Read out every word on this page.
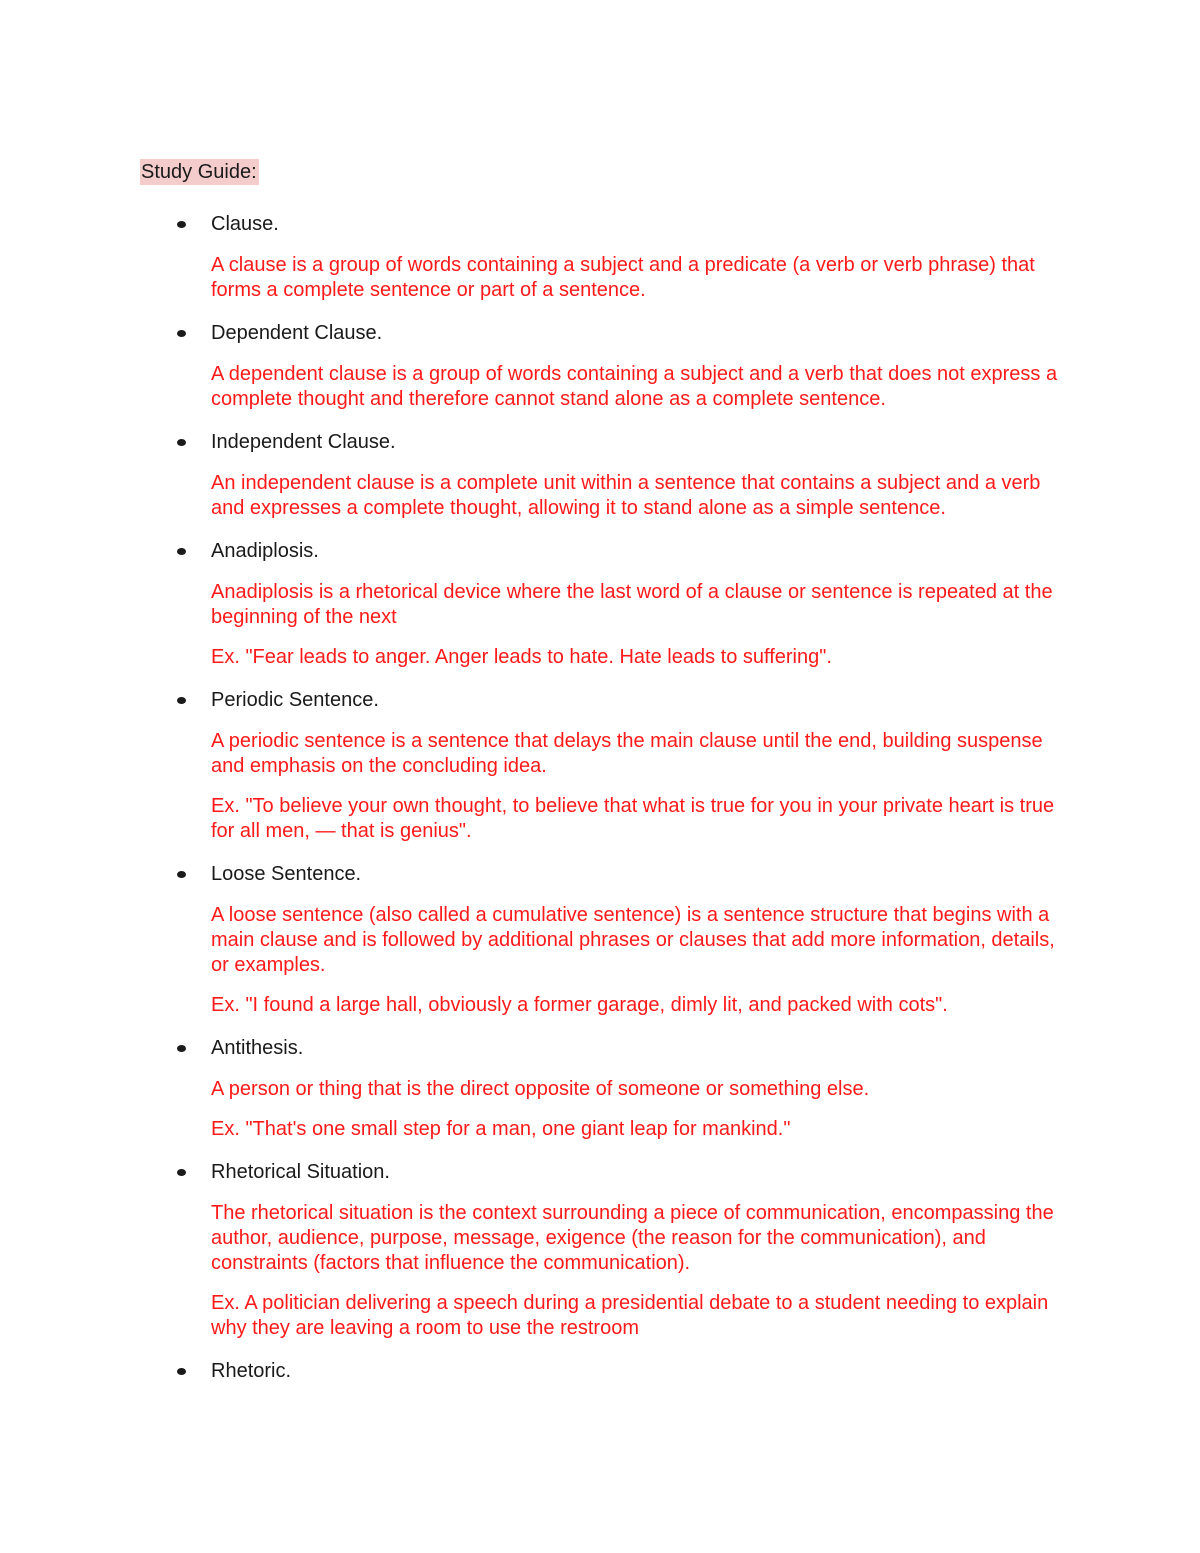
Study Guide:
Clause.
A clause is a group of words containing a subject and a predicate (a verb or verb phrase) that forms a complete sentence or part of a sentence.
Dependent Clause.
A dependent clause is a group of words containing a subject and a verb that does not express a complete thought and therefore cannot stand alone as a complete sentence.
Independent Clause.
An independent clause is a complete unit within a sentence that contains a subject and a verb and expresses a complete thought, allowing it to stand alone as a simple sentence.
Anadiplosis.
Anadiplosis is a rhetorical device where the last word of a clause or sentence is repeated at the beginning of the next
Ex. "Fear leads to anger. Anger leads to hate. Hate leads to suffering".
Periodic Sentence.
A periodic sentence is a sentence that delays the main clause until the end, building suspense and emphasis on the concluding idea.
Ex. "To believe your own thought, to believe that what is true for you in your private heart is true for all men, — that is genius".
Loose Sentence.
A loose sentence (also called a cumulative sentence) is a sentence structure that begins with a main clause and is followed by additional phrases or clauses that add more information, details, or examples.
Ex. "I found a large hall, obviously a former garage, dimly lit, and packed with cots".
Antithesis.
A person or thing that is the direct opposite of someone or something else.
Ex. "That's one small step for a man, one giant leap for mankind."
Rhetorical Situation.
The rhetorical situation is the context surrounding a piece of communication, encompassing the author, audience, purpose, message, exigence (the reason for the communication), and constraints (factors that influence the communication).
Ex. A politician delivering a speech during a presidential debate to a student needing to explain why they are leaving a room to use the restroom
Rhetoric.
